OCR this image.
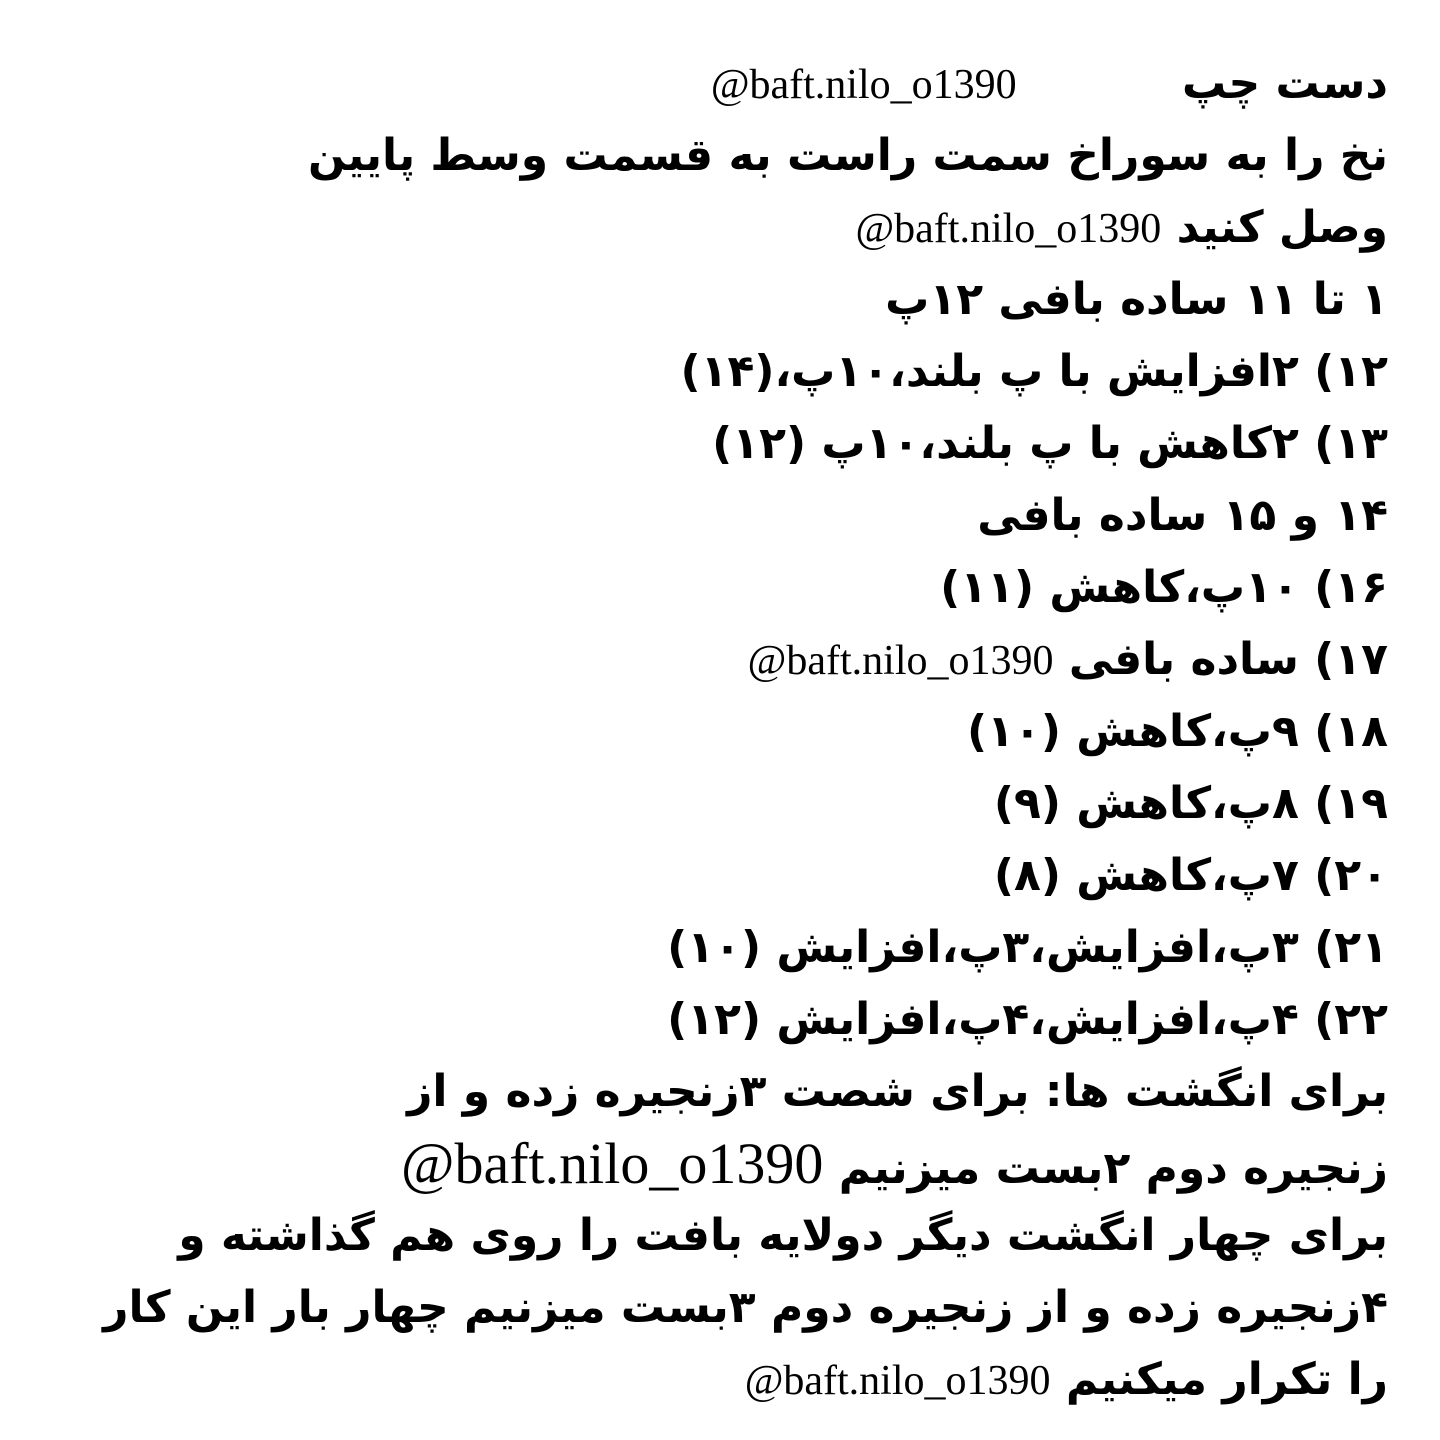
دست چپ @baft.nilo_o1390
نخ را به سوراخ سمت راست به قسمت وسط پایین
وصل کنید @baft.nilo_o1390
۱ تا ۱۱ ساده بافی ۱۲پ
۱۲) ۲افزایش با پ بلند،۱۰پ،(۱۴)
۱۳) ۲کاهش با پ بلند،۱۰پ (۱۲)
۱۴ و ۱۵ ساده بافی
۱۶) ۱۰پ،کاهش (۱۱)
۱۷) ساده بافی @baft.nilo_o1390
۱۸) ۹پ،کاهش (۱۰)
۱۹) ۸پ،کاهش (۹)
۲۰) ۷پ،کاهش (۸)
۲۱) ۳پ،افزایش،۳پ،افزایش (۱۰)
۲۲) ۴پ،افزایش،۴پ،افزایش (۱۲)
برای انگشت ها: برای شصت ۳زنجیره زده و از
زنجیره دوم ۲بست میزنیم @baft.nilo_o1390
برای چهار انگشت دیگر دولایه بافت را روی هم گذاشته و
۴زنجیره زده و از زنجیره دوم ۳بست میزنیم چهار بار این کار
را تکرار میکنیم @baft.nilo_o1390
